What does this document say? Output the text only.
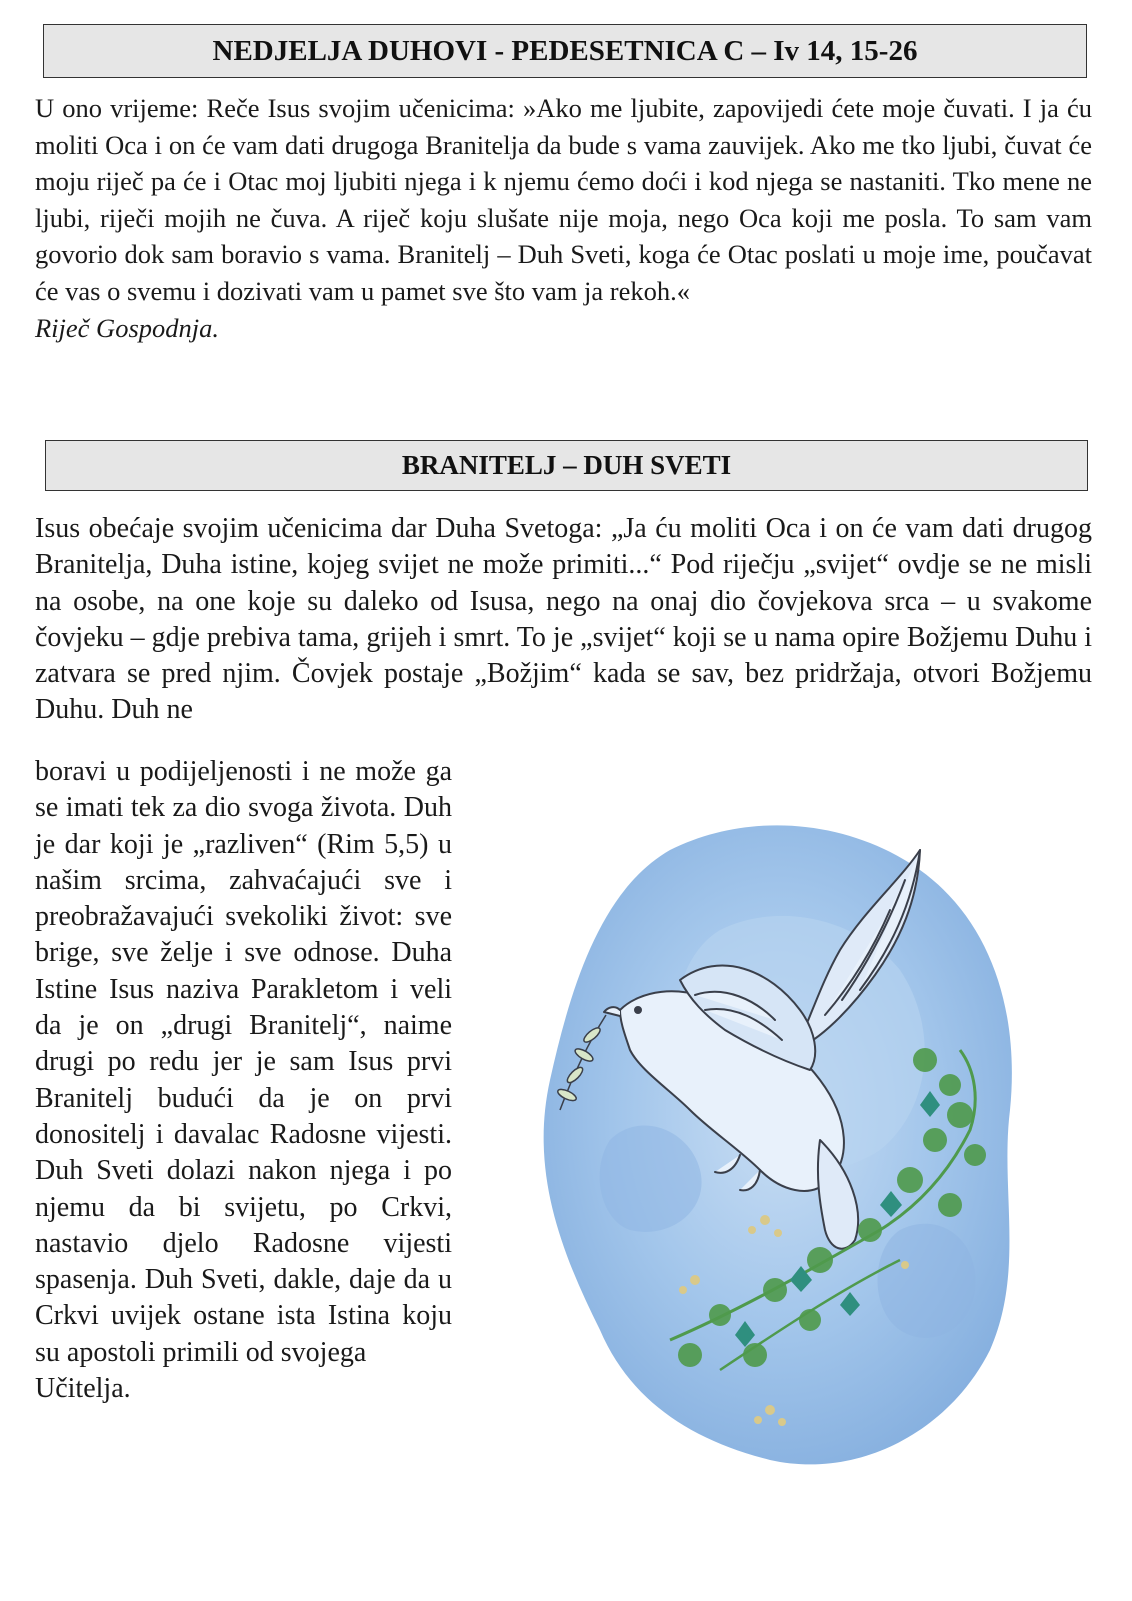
NEDJELJA DUHOVI - PEDESETNICA C – Iv 14, 15-26

U ono vrijeme: Reče Isus svojim učenicima: »Ako me ljubite, zapovijedi ćete moje čuvati. I ja ću moliti Oca i on će vam dati drugoga Branitelja da bude s vama zauvijek. Ako me tko ljubi, čuvat će moju riječ pa će i Otac moj ljubiti njega i k njemu ćemo doći i kod njega se nastaniti. Tko mene ne ljubi, riječi mojih ne čuva. A riječ koju slušate nije moja, nego Oca koji me posla. To sam vam govorio dok sam boravio s vama. Branitelj – Duh Sveti, koga će Otac poslati u moje ime, poučavat će vas o svemu i dozivati vam u pamet sve što vam ja rekoh.«
Riječ Gospodnja.

BRANITELJ – DUH SVETI

Isus obećaje svojim učenicima dar Duha Svetoga: „Ja ću moliti Oca i on će vam dati drugog Branitelja, Duha istine, kojeg svijet ne može primiti...“ Pod riječju „svijet“ ovdje se ne misli na osobe, na one koje su daleko od Isusa, nego na onaj dio čovjekova srca – u svakome čovjeku – gdje prebiva tama, grijeh i smrt. To je „svijet“ koji se u nama opire Božjemu Duhu i zatvara se pred njim. Čovjek postaje „Božjim“ kada se sav, bez pridržaja, otvori Božjemu Duhu. Duh ne

boravi u podijeljenosti i ne može ga se imati tek za dio svoga života. Duh je dar koji je „razliven“ (Rim 5,5) u našim srcima, zahvaćajući sve i preobražavajući svekoliki život: sve brige, sve želje i sve odnose. Duha Istine Isus naziva Parakletom i veli da je on „drugi Branitelj“, naime drugi po redu jer je sam Isus prvi Branitelj budući da je on prvi donositelj i davalac Radosne vijesti. Duh Sveti dolazi nakon njega i po njemu da bi svijetu, po Crkvi, nastavio djelo Radosne vijesti spasenja. Duh Sveti, dakle, daje da u Crkvi uvijek ostane ista Istina koju su apostoli primili od svojega
Učitelja.
